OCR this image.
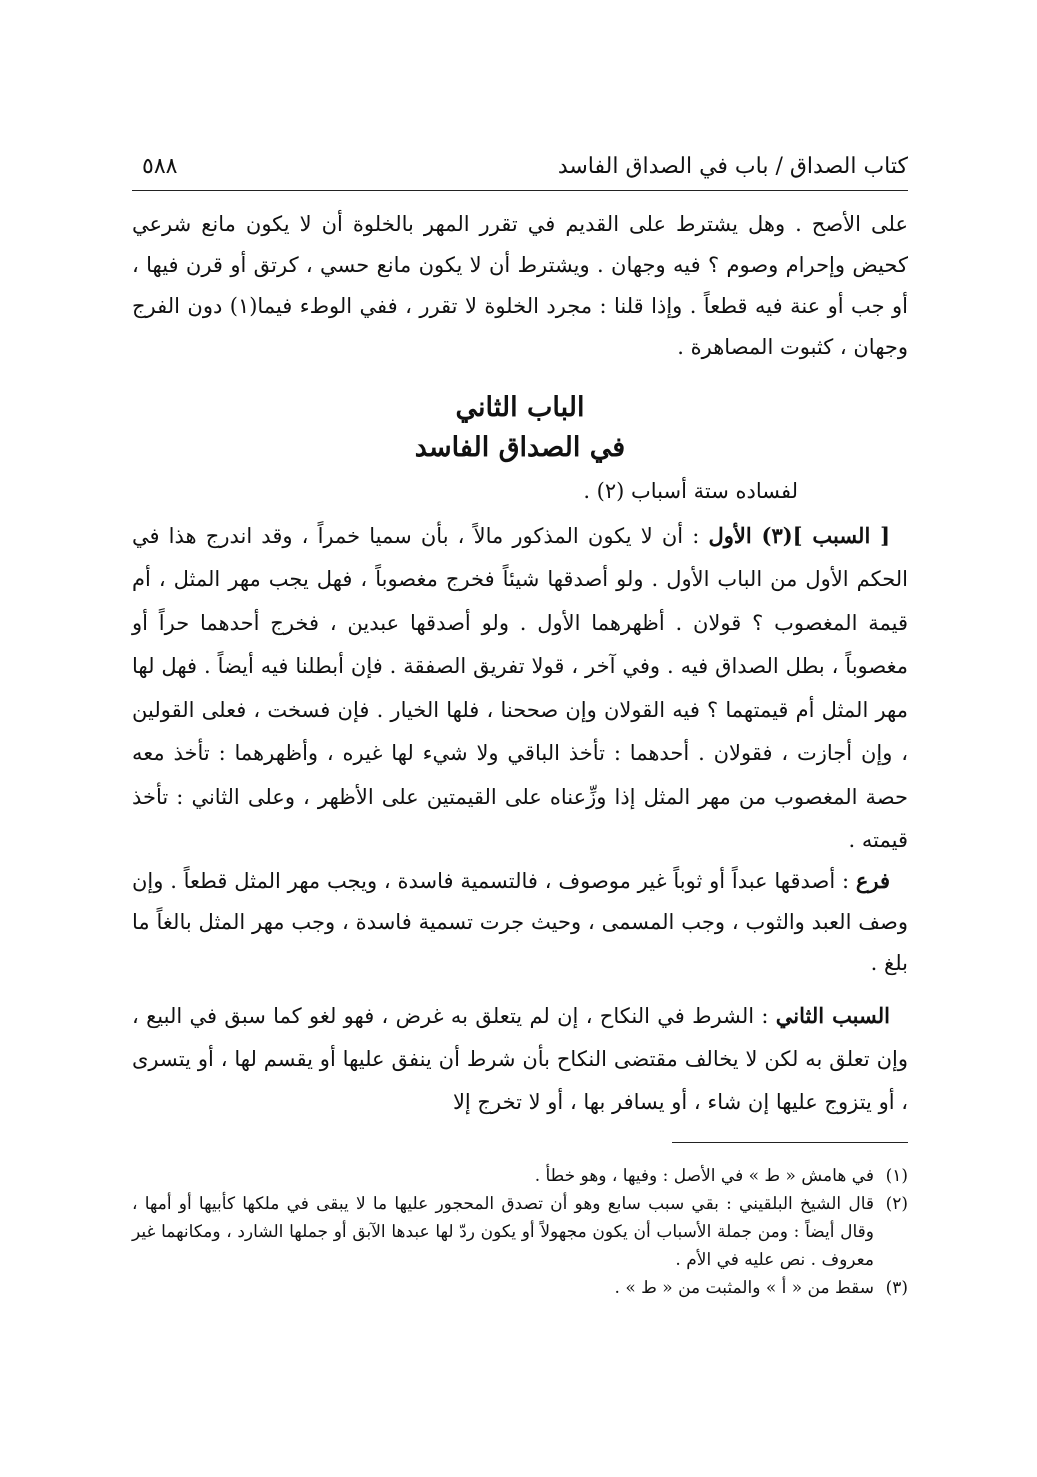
كتاب الصداق / باب في الصداق الفاسد
٥٨٨

على الأصح . وهل يشترط على القديم في تقرر المهر بالخلوة أن لا يكون مانع شرعي كحيض وإحرام وصوم ؟ فيه وجهان . ويشترط أن لا يكون مانع حسي ، كرتق أو قرن فيها ، أو جب أو عنة فيه قطعاً . وإذا قلنا : مجرد الخلوة لا تقرر ، ففي الوطء فيما(١) دون الفرج وجهان ، كثبوت المصاهرة .

الباب الثاني
في الصداق الفاسد

لفساده ستة أسباب (٢) .

[ السبب ](٣) الأول : أن لا يكون المذكور مالاً ، بأن سميا خمراً ، وقد اندرج هذا في الحكم الأول من الباب الأول . ولو أصدقها شيئاً فخرج مغصوباً ، فهل يجب مهر المثل ، أم قيمة المغصوب ؟ قولان . أظهرهما الأول . ولو أصدقها عبدين ، فخرج أحدهما حراً أو مغصوباً ، بطل الصداق فيه . وفي آخر ، قولا تفريق الصفقة . فإن أبطلنا فيه أيضاً . فهل لها مهر المثل أم قيمتهما ؟ فيه القولان وإن صححنا ، فلها الخيار . فإن فسخت ، فعلى القولين ، وإن أجازت ، فقولان . أحدهما : تأخذ الباقي ولا شيء لها غيره ، وأظهرهما : تأخذ معه حصة المغصوب من مهر المثل إذا وزِّعناه على القيمتين على الأظهر ، وعلى الثاني : تأخذ قيمته .

فرع : أصدقها عبداً أو ثوباً غير موصوف ، فالتسمية فاسدة ، ويجب مهر المثل قطعاً . وإن وصف العبد والثوب ، وجب المسمى ، وحيث جرت تسمية فاسدة ، وجب مهر المثل بالغاً ما بلغ .

السبب الثاني : الشرط في النكاح ، إن لم يتعلق به غرض ، فهو لغو كما سبق في البيع ، وإن تعلق به لكن لا يخالف مقتضى النكاح بأن شرط أن ينفق عليها أو يقسم لها ، أو يتسرى ، أو يتزوج عليها إن شاء ، أو يسافر بها ، أو لا تخرج إلا

(١)
في هامش « ط » في الأصل : وفيها ، وهو خطأ .
(٢)
قال الشيخ البلقيني : بقي سبب سابع وهو أن تصدق المحجور عليها ما لا يبقى في ملكها كأبيها أو أمها ، وقال أيضاً : ومن جملة الأسباب أن يكون مجهولاً أو يكون ردّ لها عبدها الآبق أو جملها الشارد ، ومكانهما غير معروف . نص عليه في الأم .
(٣)
سقط من « أ » والمثبت من « ط » .
